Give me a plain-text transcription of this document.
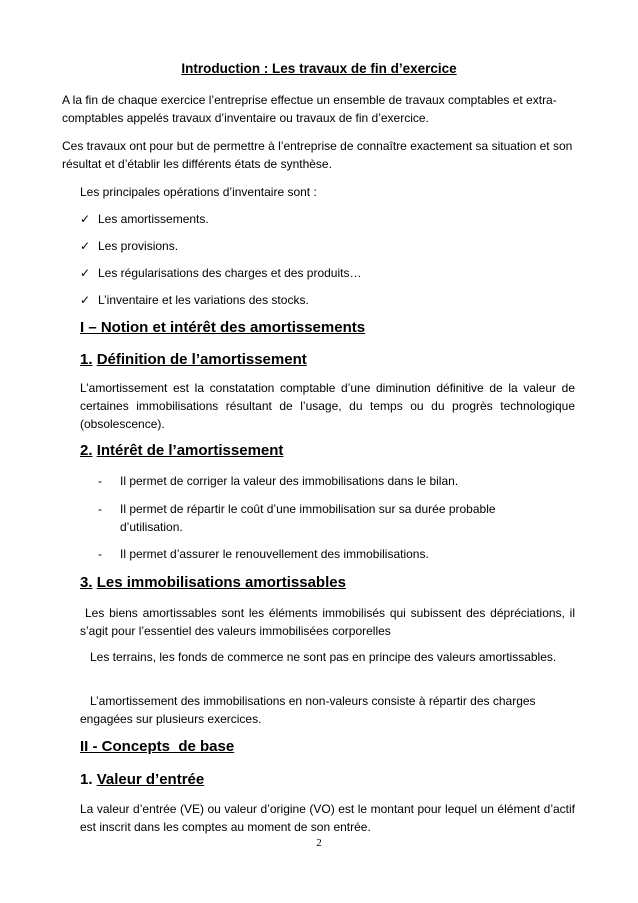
Introduction : Les travaux de fin d’exercice
A la fin de chaque exercice l’entreprise effectue un ensemble de travaux comptables et extra-comptables appelés travaux d’inventaire ou travaux de fin d’exercice.
Ces travaux ont pour but de permettre à l’entreprise de connaître exactement sa situation et son résultat et d’établir les différents états de synthèse.
Les principales opérations d’inventaire sont :
✓ Les amortissements.
✓ Les provisions.
✓ Les régularisations des charges et des produits…
✓ L’inventaire et les variations des stocks.
I – Notion et intérêt des amortissements
1. Définition de l’amortissement
L’amortissement est la constatation comptable d’une diminution définitive de la valeur de certaines immobilisations résultant de l’usage, du temps ou du progrès technologique (obsolescence).
2. Intérêt de l’amortissement
- Il permet de corriger la valeur des immobilisations dans le bilan.
- Il permet de répartir le coût d’une immobilisation sur sa durée probable d’utilisation.
- Il permet d’assurer le renouvellement des immobilisations.
3. Les immobilisations amortissables
Les biens amortissables sont les éléments immobilisés qui subissent des dépréciations, il s’agit pour l’essentiel des valeurs immobilisées corporelles
Les terrains, les fonds de commerce ne sont pas en principe des valeurs amortissables.
L’amortissement des immobilisations en non-valeurs consiste à répartir des charges engagées sur plusieurs exercices.
II - Concepts  de base
1. Valeur d’entrée
La valeur d’entrée (VE) ou valeur d’origine (VO) est le montant pour lequel un élément d’actif est inscrit dans les comptes au moment de son entrée.
2
